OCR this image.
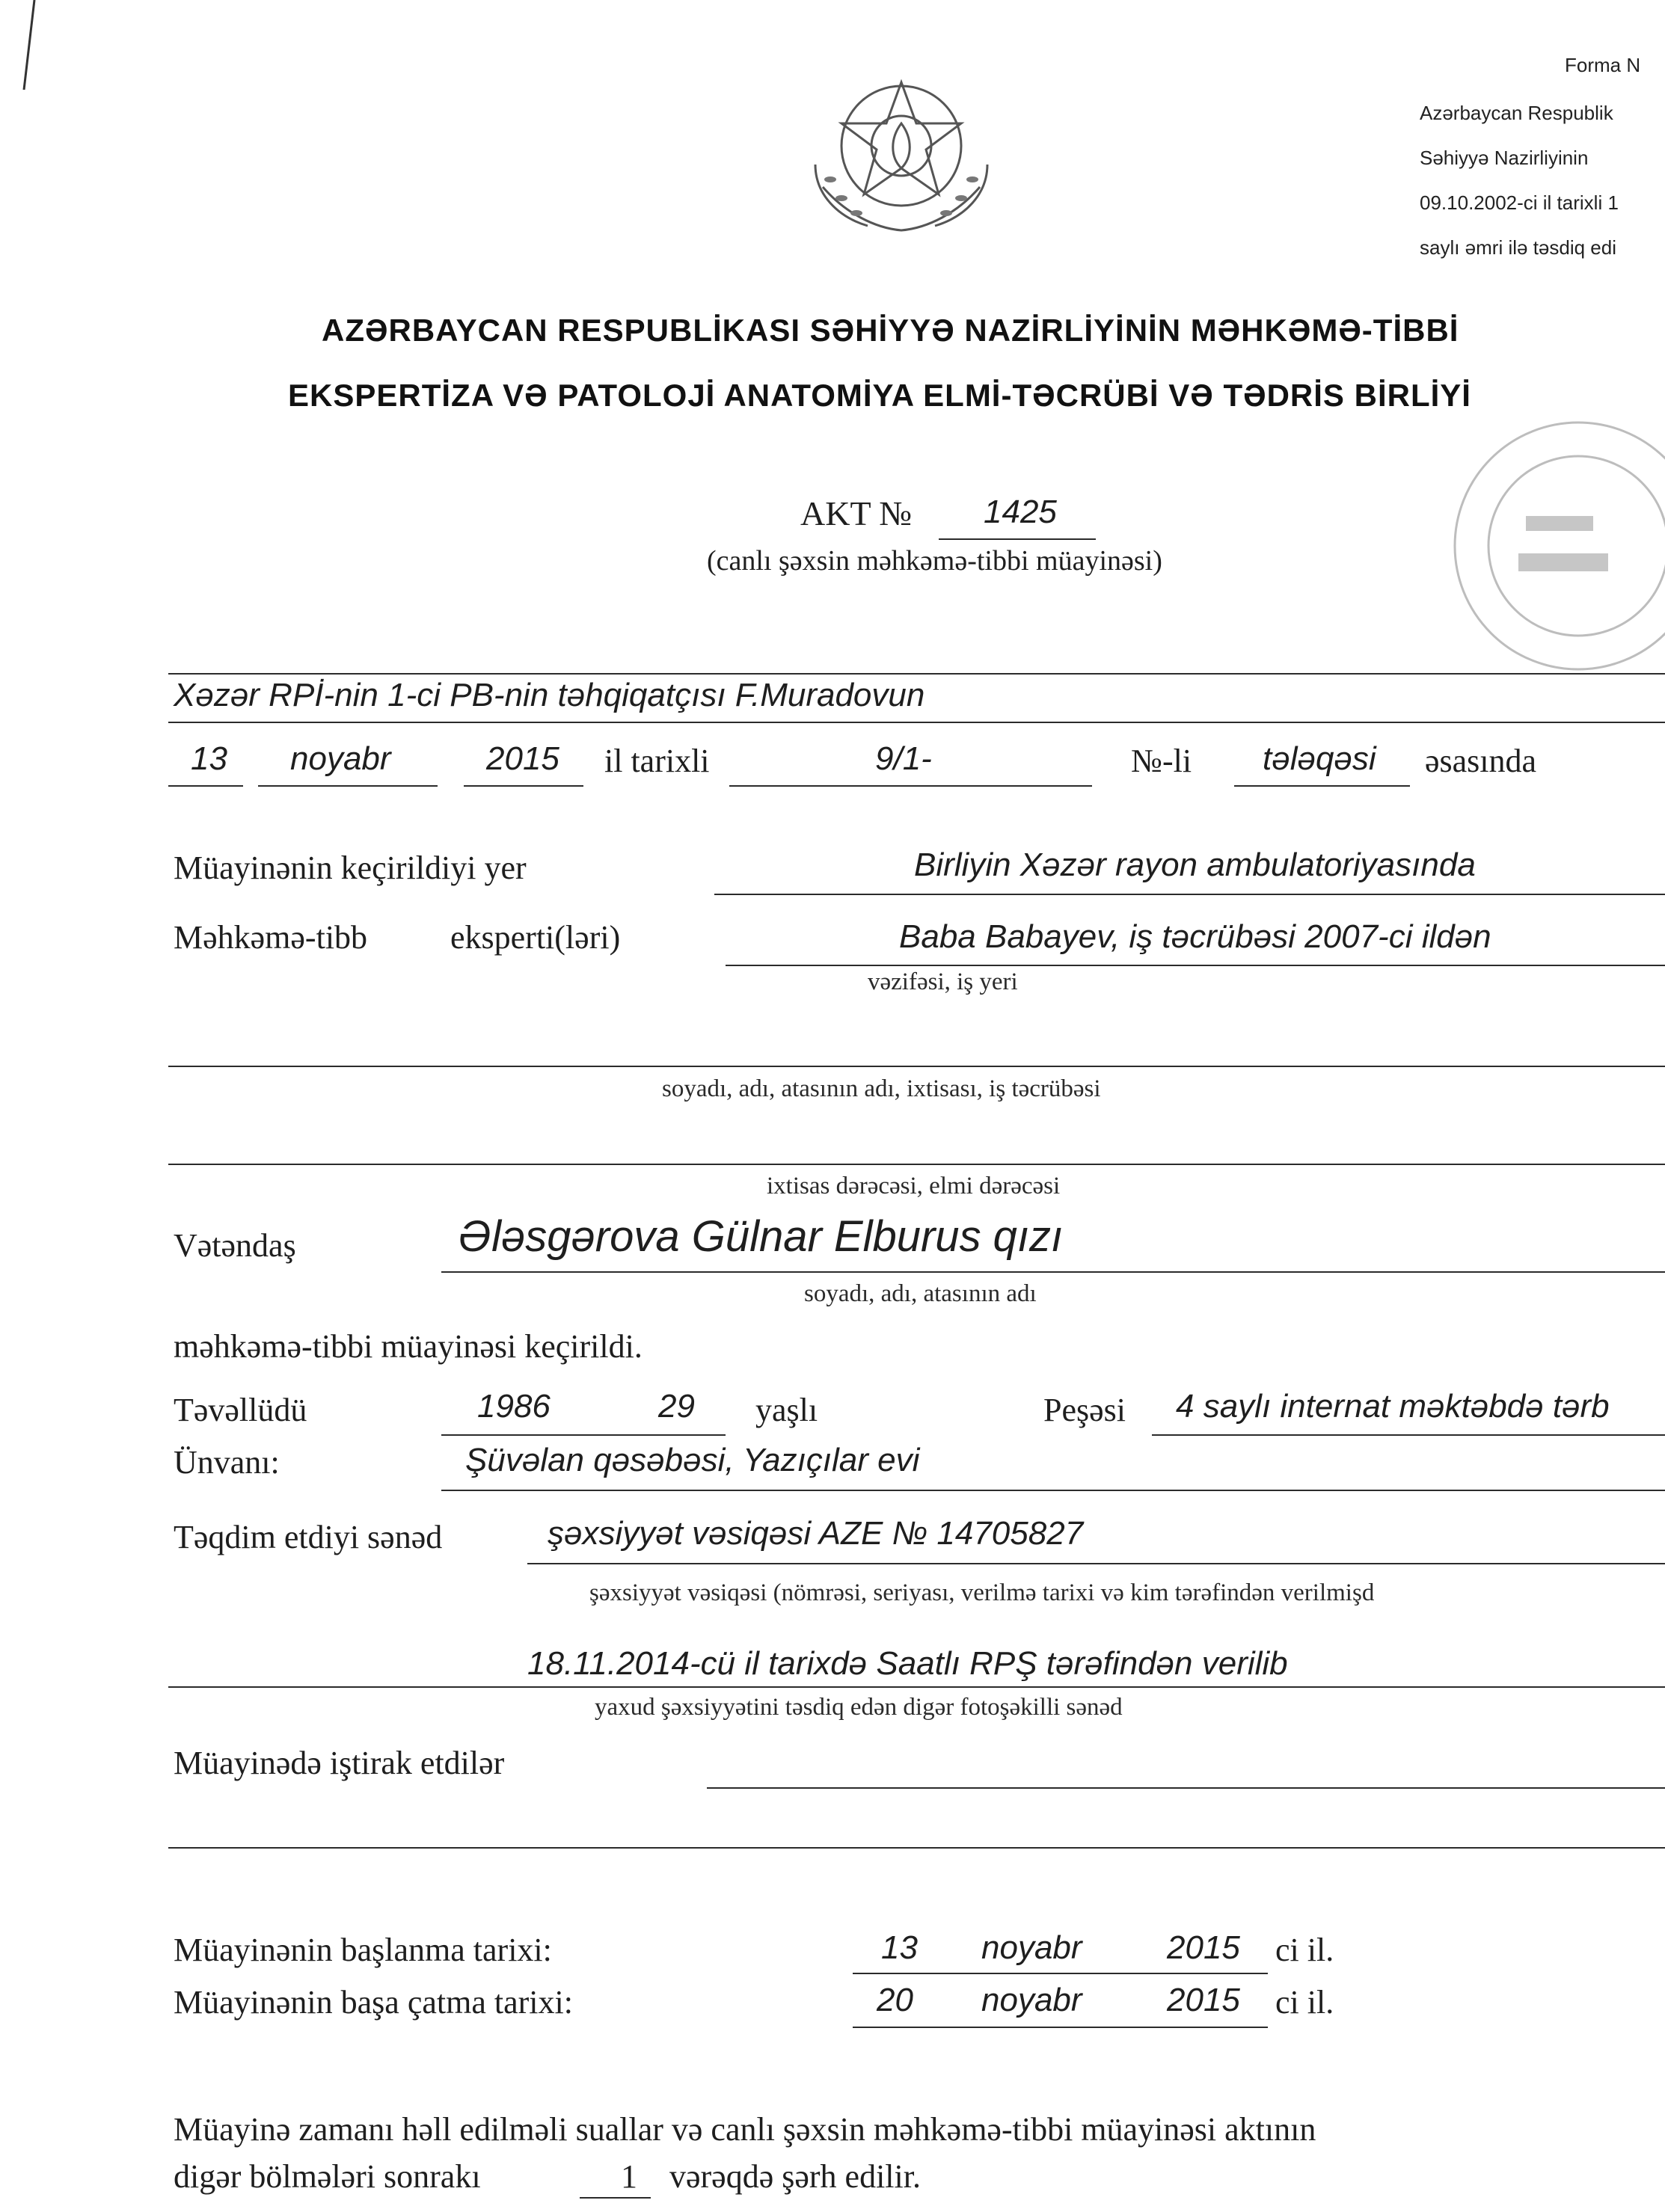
Forma N
Azərbaycan Respublik
Səhiyyə Nazirliyinin
09.10.2002-ci il tarixli 1
saylı əmri ilə təsdiq edi
AZƏRBAYCAN RESPUBLİKASI SƏHİYYƏ NAZİRLİYİNİN MƏHKƏMƏ-TİBBİ
EKSPERTİZA VƏ PATOLOJİ ANATOMİYA ELMİ-TƏCRÜBİ VƏ TƏDRİS BİRLİYİ
AKT № 1425
(canlı şəxsin məhkəmə-tibbi müayinəsi)
Xəzər RPİ-nin 1-ci PB-nin təhqiqatçısı F.Muradovun
13 noyabr	2015 il tarixli	9/1-	№-li tələqəsi əsasında
Müayinənin keçirildiyi yer	Birliyin Xəzər rayon ambulatoriyasında
Məhkəmə-tibb	eksperti(ləri)	Baba Babayev, iş təcrübəsi 2007-ci ildən
vəzifəsi, iş yeri
soyadı, adı, atasının adı, ixtisası, iş təcrübəsi
ixtisas dərəcəsi, elmi dərəcəsi
Vətəndaş	Ələsgərova Gülnar Elburus qızı
soyadı, adı, atasının adı
məhkəmə-tibbi müayinəsi keçirildi.
Təvəllüdü	1986	29 yaşlı	Peşəsi 4 saylı internat məktəbdə tərb
Ünvanı:	Şüvəlan qəsəbəsi, Yazıçılar evi
Təqdim etdiyi sənəd	şəxsiyyət vəsiqəsi AZE № 14705827
şəxsiyyət vəsiqəsi (nömrəsi, seriyası, verilmə tarixi və kim tərəfindən verilmişd
18.11.2014-cü il tarixdə Saatlı RPŞ tərəfindən verilib
yaxud şəxsiyyətini təsdiq edən digər fotoşəkilli sənəd
Müayinədə iştirak etdilər
Müayinənin başlanma tarixi:	13 noyabr	2015 ci il.
Müayinənin başa çatma tarixi:	20 noyabr	2015 ci il.
Müayinə zamanı həll edilməli suallar və canlı şəxsin məhkəmə-tibbi müayinəsi aktının
digər bölmələri sonrakı	1 vərəqdə şərh edilir.
